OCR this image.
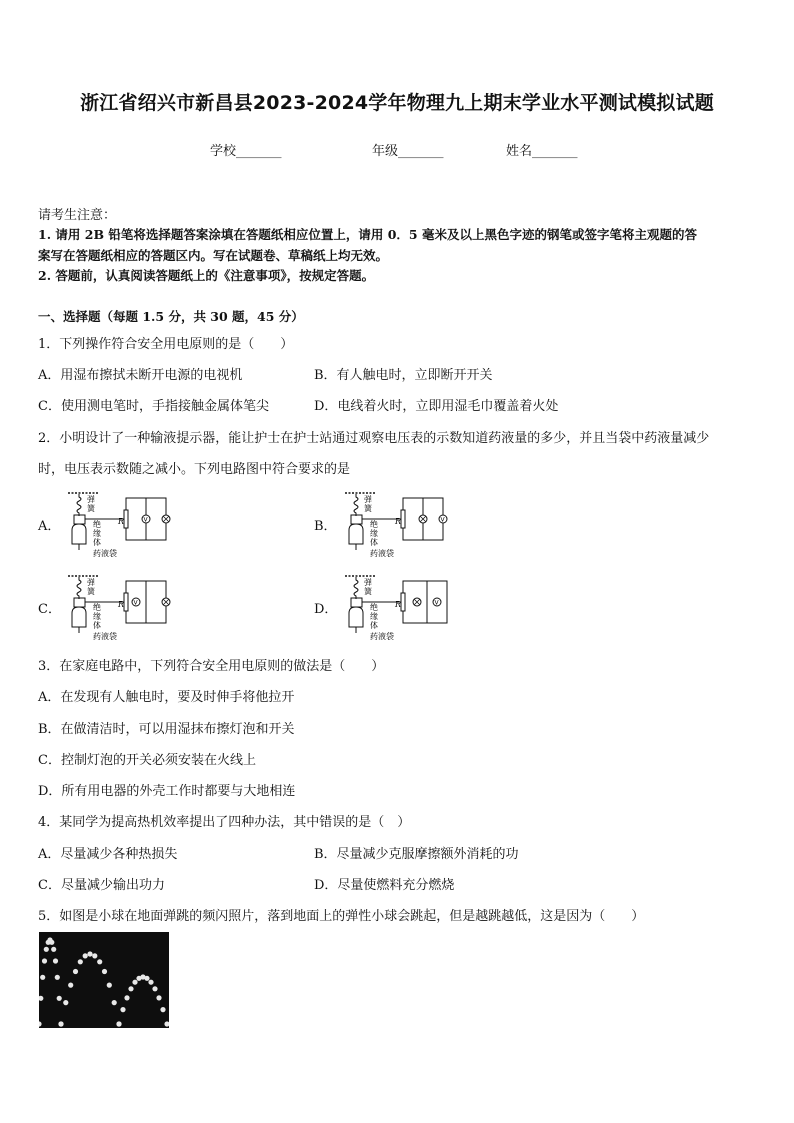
浙江省绍兴市新昌县2023-2024学年物理九上期末学业水平测试模拟试题
学校_______	年级_______	姓名_______
请考生注意：
1. 请用 2B 铅笔将选择题答案涂填在答题纸相应位置上，请用 0．5 毫米及以上黑色字迹的钢笔或签字笔将主观题的答
案写在答题纸相应的答题区内。写在试题卷、草稿纸上均无效。
2. 答题前，认真阅读答题纸上的《注意事项》，按规定答题。
一、选择题（每题 1.5 分，共 30 题，45 分）
1．下列操作符合安全用电原则的是（　　）
A．用湿布擦拭未断开电源的电视机	B．有人触电时，立即断开开关
C．使用测电笔时，手指接触金属体笔尖	D．电线着火时，立即用湿毛巾覆盖着火处
2．小明设计了一种输液提示器，能让护士在护士站通过观察电压表的示数知道药液量的多少，并且当袋中药液量减少
时，电压表示数随之减小。下列电路图中符合要求的是
A．	B．
C．	D．
弹
簧
绝
缘
体
药液袋
R	V
弹
簧
绝
缘
体
药液袋
R	V
弹
簧
绝
缘
体
药液袋
R V
弹
簧
绝
缘
体
药液袋
R	V
3．在家庭电路中，下列符合安全用电原则的做法是（　　）
A．在发现有人触电时，要及时伸手将他拉开
B．在做清洁时，可以用湿抹布擦灯泡和开关
C．控制灯泡的开关必须安装在火线上
D．所有用电器的外壳工作时都要与大地相连
4．某同学为提高热机效率提出了四种办法，其中错误的是（　）
A．尽量减少各种热损失	B．尽量减少克服摩擦额外消耗的功
C．尽量减少输出功力	D．尽量使燃料充分燃烧
5．如图是小球在地面弹跳的频闪照片，落到地面上的弹性小球会跳起，但是越跳越低，这是因为（　　）
